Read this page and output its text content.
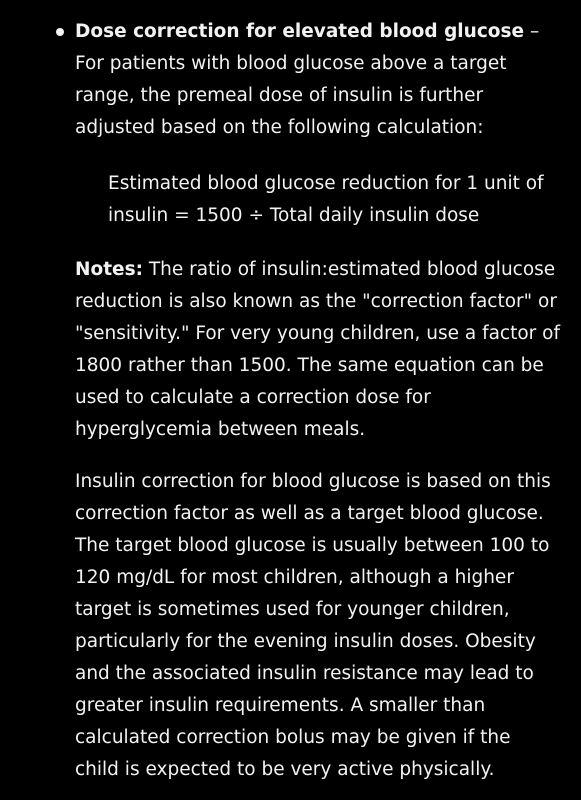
Dose correction for elevated blood glucose – For patients with blood glucose above a target range, the premeal dose of insulin is further adjusted based on the following calculation:

Estimated blood glucose reduction for 1 unit of insulin = 1500 ÷ Total daily insulin dose

Notes: The ratio of insulin:estimated blood glucose reduction is also known as the "correction factor" or "sensitivity." For very young children, use a factor of 1800 rather than 1500. The same equation can be used to calculate a correction dose for hyperglycemia between meals.

Insulin correction for blood glucose is based on this correction factor as well as a target blood glucose. The target blood glucose is usually between 100 to 120 mg/dL for most children, although a higher target is sometimes used for younger children, particularly for the evening insulin doses. Obesity and the associated insulin resistance may lead to greater insulin requirements. A smaller than calculated correction bolus may be given if the child is expected to be very active physically.
